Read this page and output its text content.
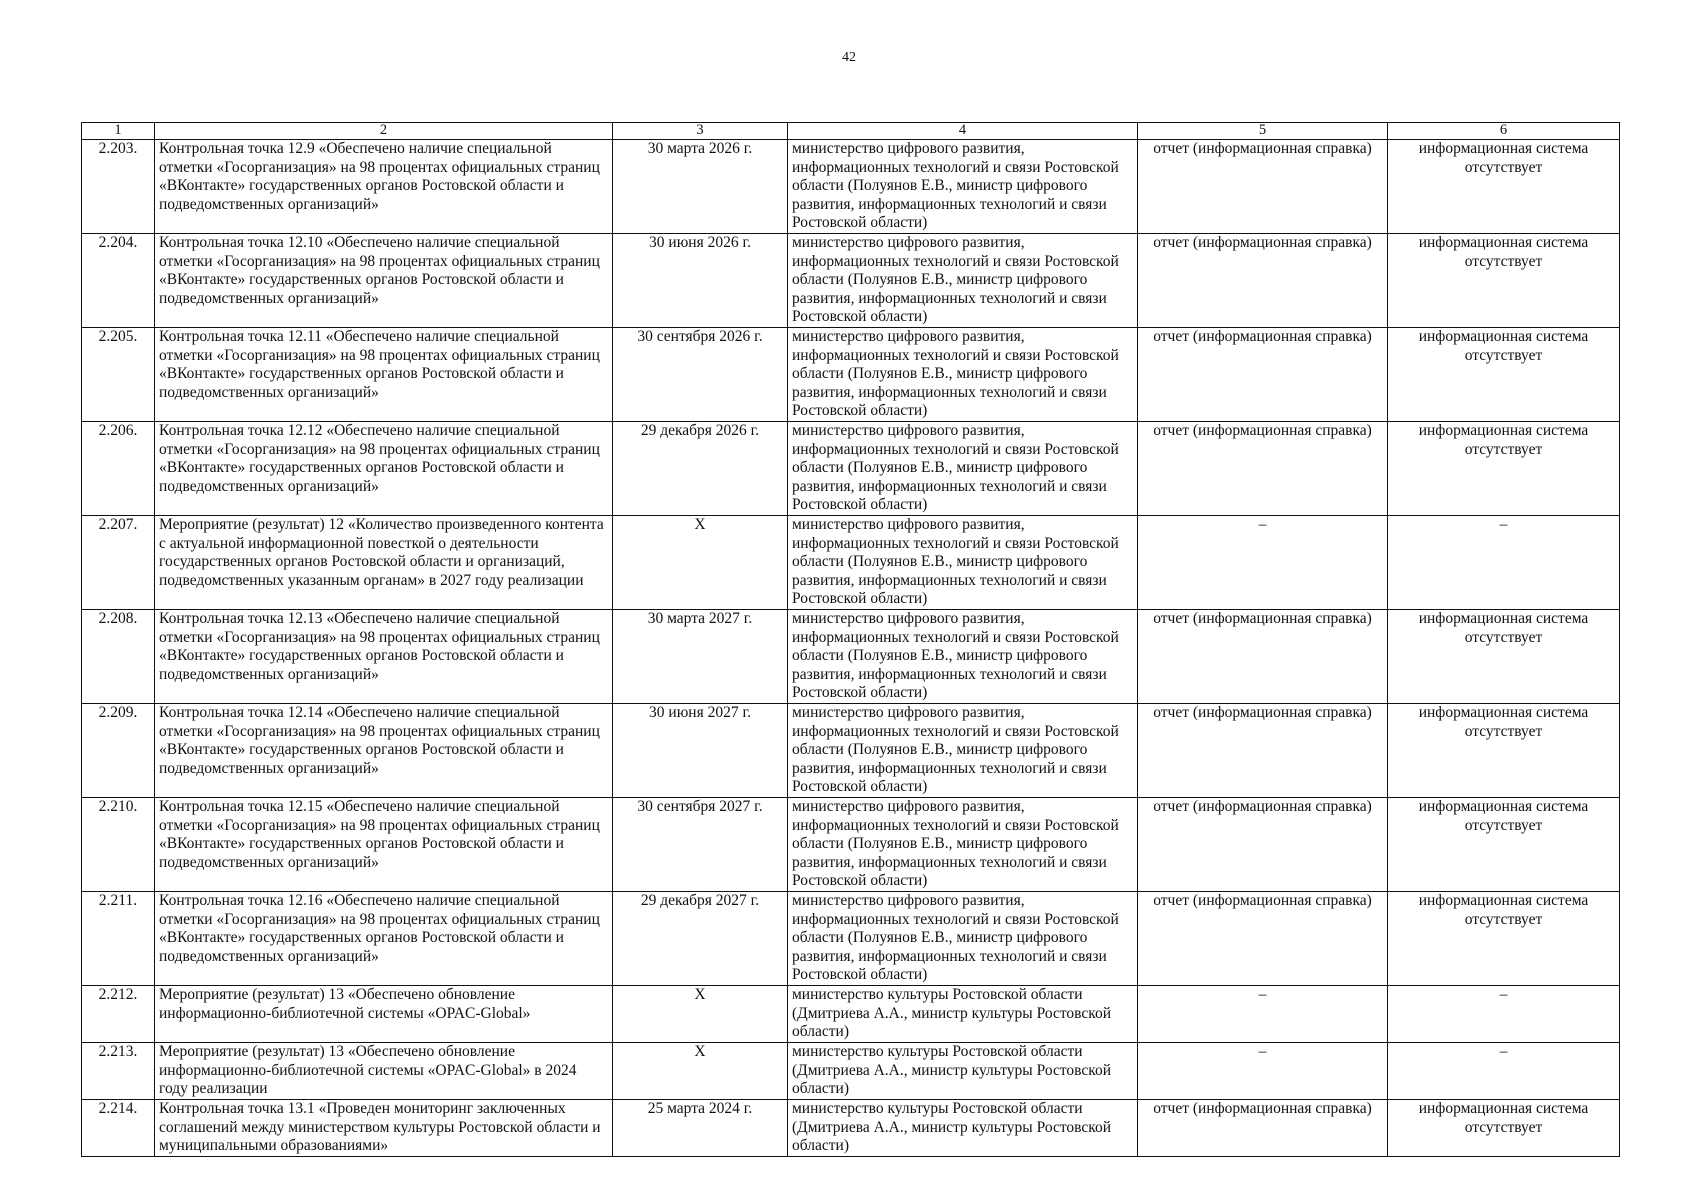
42
1	2	3	4	5	6
2.203.	Контрольная точка 12.9 «Обеспечено наличие специальной отметки «Госорганизация» на 98 процентах официальных страниц «ВКонтакте» государственных органов Ростовской области и подведомственных организаций»	30 марта 2026 г.	министерство цифрового развития, информационных технологий и связи Ростовской области (Полуянов Е.В., министр цифрового развития, информационных технологий и связи Ростовской области)	отчет (информационная справка)	информационная система отсутствует
2.204.	Контрольная точка 12.10 «Обеспечено наличие специальной отметки «Госорганизация» на 98 процентах официальных страниц «ВКонтакте» государственных органов Ростовской области и подведомственных организаций»	30 июня 2026 г.	министерство цифрового развития, информационных технологий и связи Ростовской области (Полуянов Е.В., министр цифрового развития, информационных технологий и связи Ростовской области)	отчет (информационная справка)	информационная система отсутствует
2.205.	Контрольная точка 12.11 «Обеспечено наличие специальной отметки «Госорганизация» на 98 процентах официальных страниц «ВКонтакте» государственных органов Ростовской области и подведомственных организаций»	30 сентября 2026 г.	министерство цифрового развития, информационных технологий и связи Ростовской области (Полуянов Е.В., министр цифрового развития, информационных технологий и связи Ростовской области)	отчет (информационная справка)	информационная система отсутствует
2.206.	Контрольная точка 12.12 «Обеспечено наличие специальной отметки «Госорганизация» на 98 процентах официальных страниц «ВКонтакте» государственных органов Ростовской области и подведомственных организаций»	29 декабря 2026 г.	министерство цифрового развития, информационных технологий и связи Ростовской области (Полуянов Е.В., министр цифрового развития, информационных технологий и связи Ростовской области)	отчет (информационная справка)	информационная система отсутствует
2.207.	Мероприятие (результат) 12 «Количество произведенного контента с актуальной информационной повесткой о деятельности государственных органов Ростовской области и организаций, подведомственных указанным органам» в 2027 году реализации	Х	министерство цифрового развития, информационных технологий и связи Ростовской области (Полуянов Е.В., министр цифрового развития, информационных технологий и связи Ростовской области)	–	–
2.208.	Контрольная точка 12.13 «Обеспечено наличие специальной отметки «Госорганизация» на 98 процентах официальных страниц «ВКонтакте» государственных органов Ростовской области и подведомственных организаций»	30 марта 2027 г.	министерство цифрового развития, информационных технологий и связи Ростовской области (Полуянов Е.В., министр цифрового развития, информационных технологий и связи Ростовской области)	отчет (информационная справка)	информационная система отсутствует
2.209.	Контрольная точка 12.14 «Обеспечено наличие специальной отметки «Госорганизация» на 98 процентах официальных страниц «ВКонтакте» государственных органов Ростовской области и подведомственных организаций»	30 июня 2027 г.	министерство цифрового развития, информационных технологий и связи Ростовской области (Полуянов Е.В., министр цифрового развития, информационных технологий и связи Ростовской области)	отчет (информационная справка)	информационная система отсутствует
2.210.	Контрольная точка 12.15 «Обеспечено наличие специальной отметки «Госорганизация» на 98 процентах официальных страниц «ВКонтакте» государственных органов Ростовской области и подведомственных организаций»	30 сентября 2027 г.	министерство цифрового развития, информационных технологий и связи Ростовской области (Полуянов Е.В., министр цифрового развития, информационных технологий и связи Ростовской области)	отчет (информационная справка)	информационная система отсутствует
2.211.	Контрольная точка 12.16 «Обеспечено наличие специальной отметки «Госорганизация» на 98 процентах официальных страниц «ВКонтакте» государственных органов Ростовской области и подведомственных организаций»	29 декабря 2027 г.	министерство цифрового развития, информационных технологий и связи Ростовской области (Полуянов Е.В., министр цифрового развития, информационных технологий и связи Ростовской области)	отчет (информационная справка)	информационная система отсутствует
2.212.	Мероприятие (результат) 13 «Обеспечено обновление информационно-библиотечной системы «OPAC-Global»	Х	министерство культуры Ростовской области (Дмитриева А.А., министр культуры Ростовской области)	–	–
2.213.	Мероприятие (результат) 13 «Обеспечено обновление информационно-библиотечной системы «OPAC-Global» в 2024 году реализации	Х	министерство культуры Ростовской области (Дмитриева А.А., министр культуры Ростовской области)	–	–
2.214.	Контрольная точка 13.1 «Проведен мониторинг заключенных соглашений между министерством культуры Ростовской области и муниципальными образованиями»	25 марта 2024 г.	министерство культуры Ростовской области (Дмитриева А.А., министр культуры Ростовской области)	отчет (информационная справка)	информационная система отсутствует
